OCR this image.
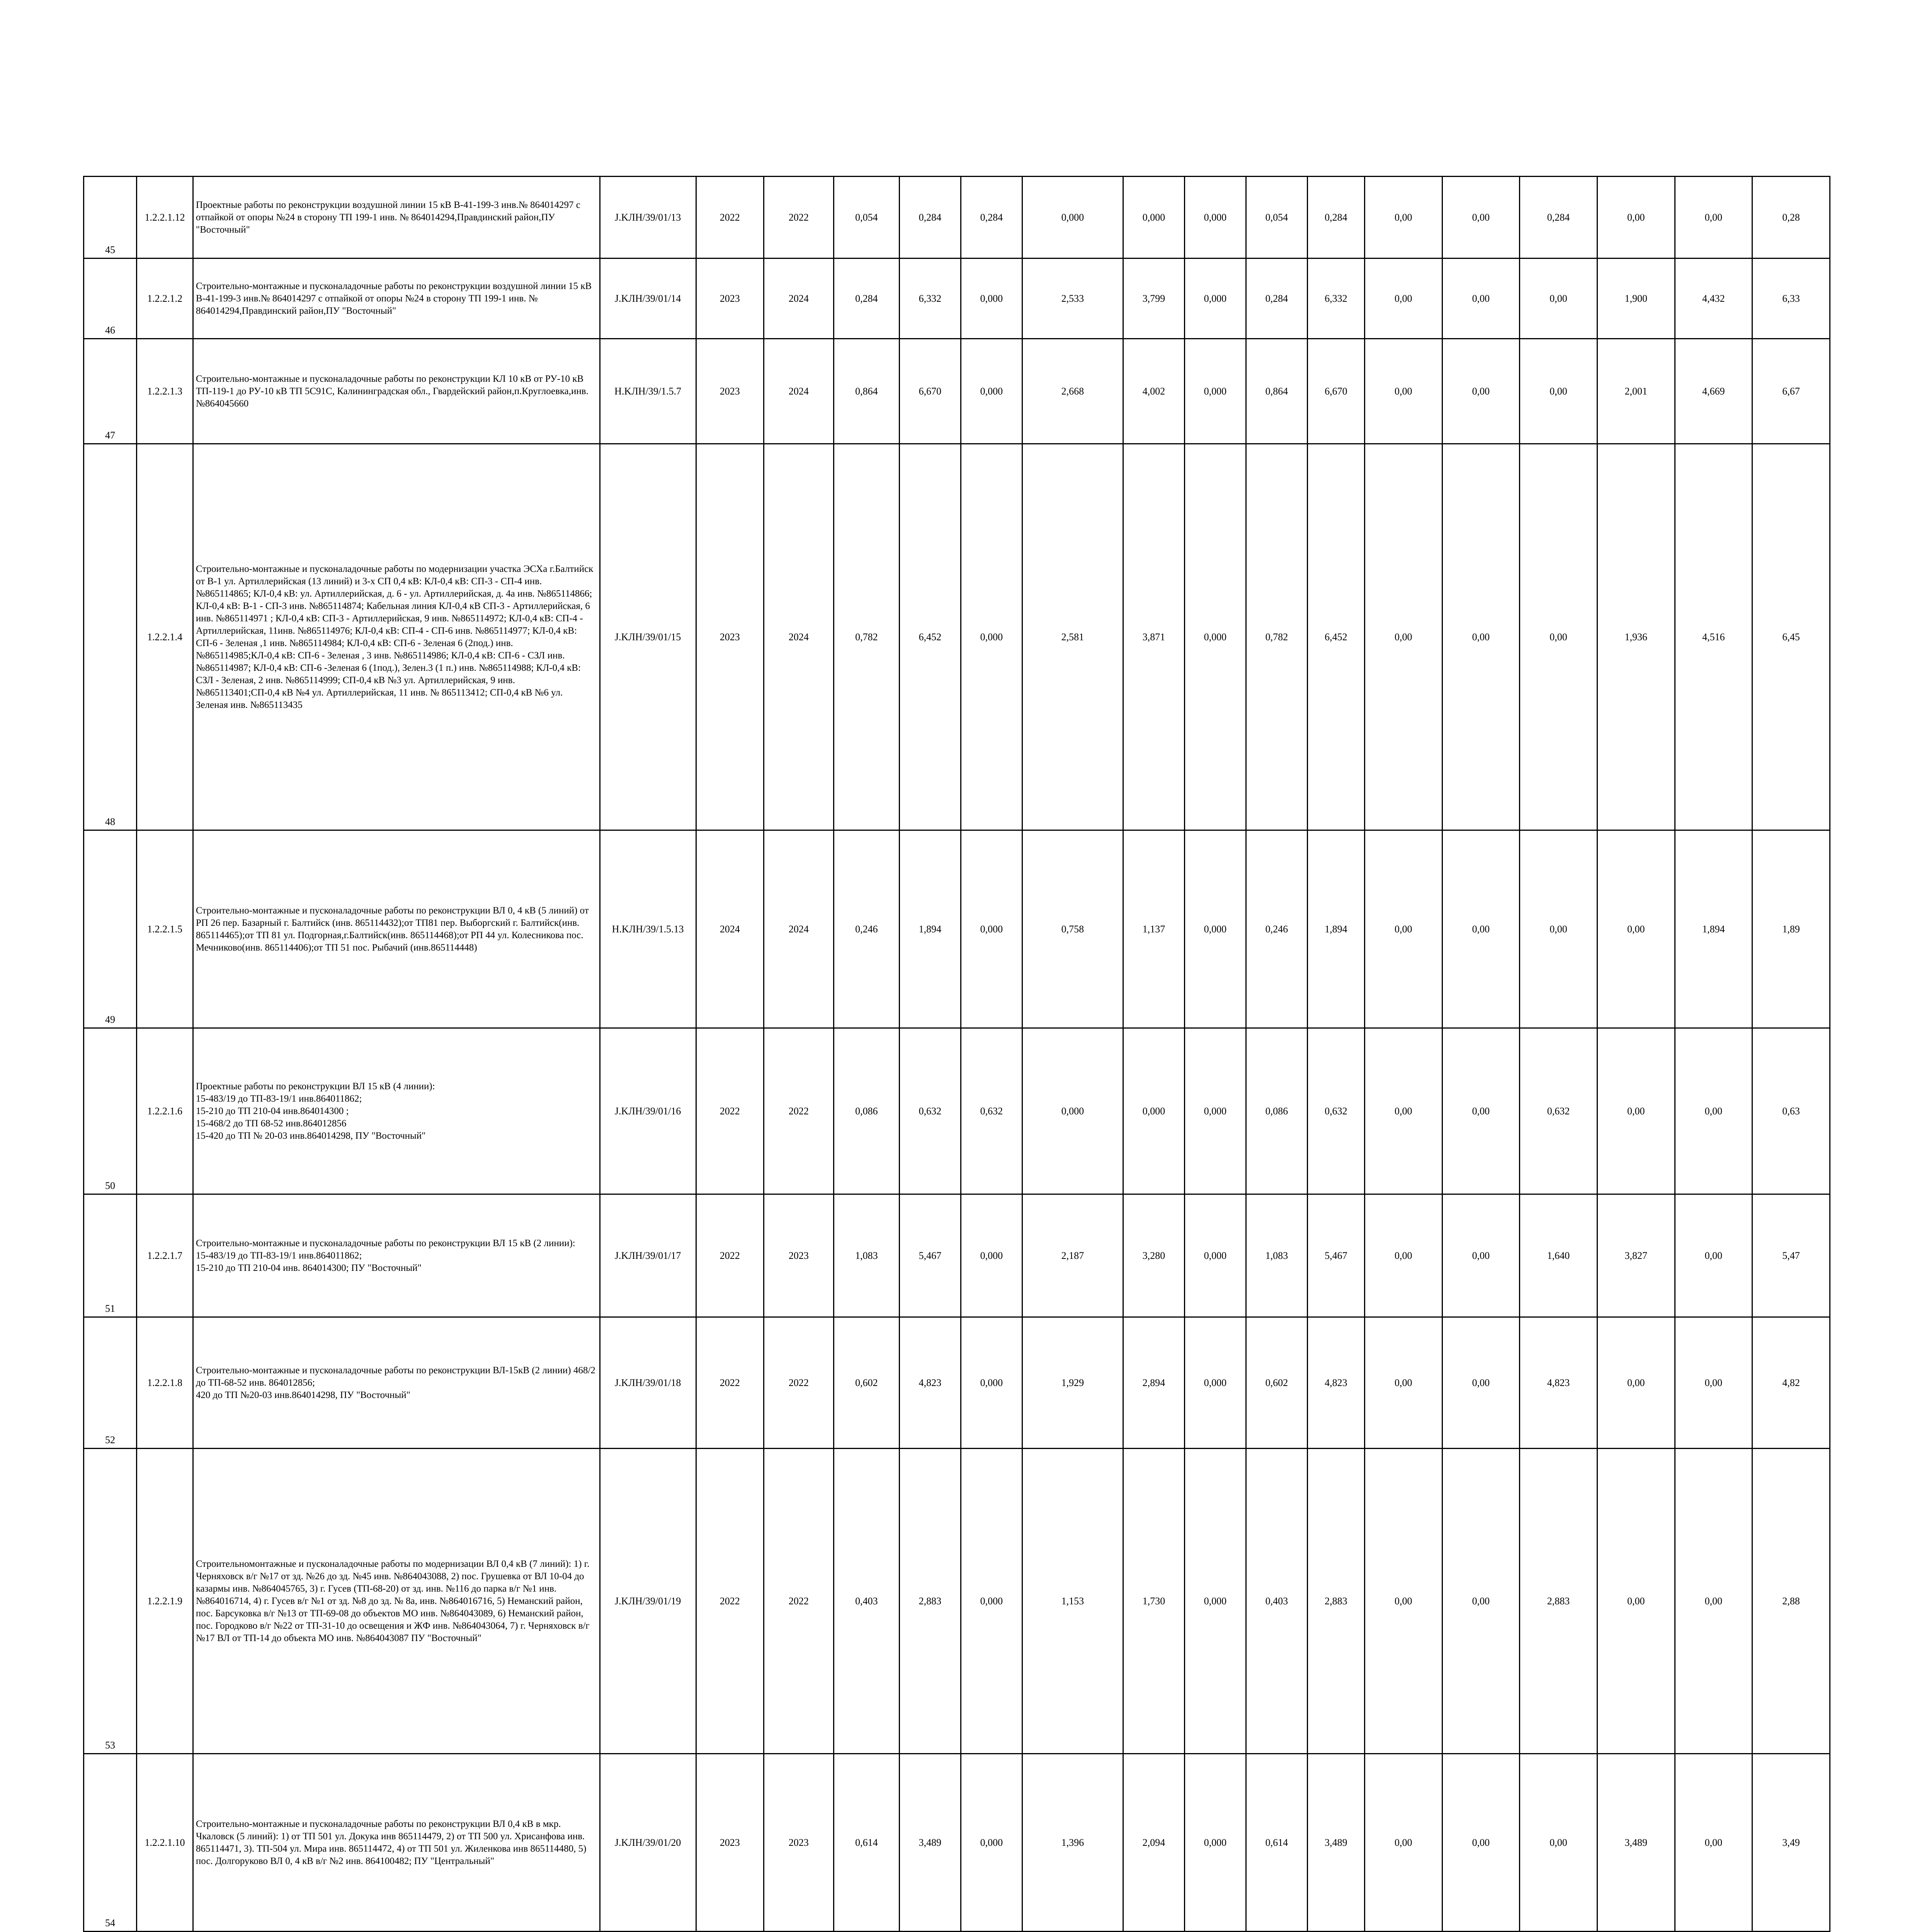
45	1.2.2.1.12	Проектные работы по реконструкции воздушной линии 15 кВ В-41-199-3 инв.№ 864014297 с отпайкой от опоры №24 в сторону ТП 199-1 инв. № 864014294,Правдинский район,ПУ "Восточный"	J.KЛН/39/01/13	2022	2022	0,054	0,284	0,284	0,000	0,000	0,000	0,054	0,284	0,00	0,00	0,284	0,00	0,00	0,28
46	1.2.2.1.2	Строительно-монтажные и пусконаладочные работы по реконструкции воздушной линии 15 кВ В-41-199-3 инв.№ 864014297 с отпайкой от опоры №24 в сторону ТП 199-1 инв. № 864014294,Правдинский район,ПУ "Восточный"	J.KЛН/39/01/14	2023	2024	0,284	6,332	0,000	2,533	3,799	0,000	0,284	6,332	0,00	0,00	0,00	1,900	4,432	6,33
47	1.2.2.1.3	Строительно-монтажные и пусконаладочные работы по реконструкции КЛ 10 кВ от РУ-10 кВ ТП-119-1 до РУ-10 кВ ТП 5С91С, Калининградская обл., Гвардейский район,п.Круглоевка,инв.№864045660	H.KЛН/39/1.5.7	2023	2024	0,864	6,670	0,000	2,668	4,002	0,000	0,864	6,670	0,00	0,00	0,00	2,001	4,669	6,67
48	1.2.2.1.4	Строительно-монтажные и пусконаладочные работы по модернизации участка ЭСХа г.Балтийск от В-1 ул. Артиллерийская (13 линий) и 3-х СП 0,4 кВ: КЛ-0,4 кВ: СП-3 - СП-4 инв. №865114865; КЛ-0,4 кВ: ул. Артиллерийская, д. 6 - ул. Артиллерийская, д. 4а инв. №865114866; КЛ-0,4 кВ: В-1 - СП-3 инв. №865114874; Кабельная линия КЛ-0,4 кВ СП-3 - Артиллерийская, 6 инв. №865114971 ; КЛ-0,4 кВ: СП-3 - Артиллерийская, 9 инв. №865114972; КЛ-0,4 кВ: СП-4 - Артиллерийская, 11инв. №865114976; КЛ-0,4 кВ: СП-4 - СП-6 инв. №865114977; КЛ-0,4 кВ: СП-6 - Зеленая ,1 инв. №865114984; КЛ-0,4 кВ: СП-6 - Зеленая 6 (2под.) инв. №865114985;КЛ-0,4 кВ: СП-6 - Зеленая , 3 инв. №865114986; КЛ-0,4 кВ: СП-6 - СЗЛ инв. №865114987; КЛ-0,4 кВ: СП-6 -Зеленая 6 (1под.), Зелен.3 (1 п.) инв. №865114988; КЛ-0,4 кВ: СЗЛ - Зеленая, 2 инв. №865114999; СП-0,4 кВ №3 ул. Артиллерийская, 9 инв. №865113401;СП-0,4 кВ №4 ул. Артиллерийская, 11 инв. № 865113412; СП-0,4 кВ №6 ул. Зеленая инв. №865113435	J.KЛН/39/01/15	2023	2024	0,782	6,452	0,000	2,581	3,871	0,000	0,782	6,452	0,00	0,00	0,00	1,936	4,516	6,45
49	1.2.2.1.5	Строительно-монтажные и пусконаладочные работы по реконструкции ВЛ 0, 4 кВ (5 линий) от РП 26 пер. Базарный г. Балтийск (инв. 865114432);от ТП81 пер. Выборгский г. Балтийск(инв. 865114465);от ТП 81 ул. Подгорная,г.Балтийск(инв. 865114468);от РП 44 ул. Колесникова пос. Мечниково(инв. 865114406);от ТП 51 пос. Рыбачий (инв.865114448)	H.KЛН/39/1.5.13	2024	2024	0,246	1,894	0,000	0,758	1,137	0,000	0,246	1,894	0,00	0,00	0,00	0,00	1,894	1,89
50	1.2.2.1.6	Проектные работы по реконструкции ВЛ 15 кВ (4 линии):
15-483/19 до ТП-83-19/1 инв.864011862;
15-210 до ТП 210-04 инв.864014300 ;
15-468/2 до ТП 68-52 инв.864012856
15-420 до ТП № 20-03 инв.864014298, ПУ "Восточный"	J.KЛН/39/01/16	2022	2022	0,086	0,632	0,632	0,000	0,000	0,000	0,086	0,632	0,00	0,00	0,632	0,00	0,00	0,63
51	1.2.2.1.7	Строительно-монтажные и пусконаладочные работы по реконструкции ВЛ 15 кВ (2 линии):
15-483/19 до ТП-83-19/1 инв.864011862;
15-210 до ТП 210-04 инв. 864014300; ПУ "Восточный"	J.KЛН/39/01/17	2022	2023	1,083	5,467	0,000	2,187	3,280	0,000	1,083	5,467	0,00	0,00	1,640	3,827	0,00	5,47
52	1.2.2.1.8	Строительно-монтажные и пусконаладочные работы по реконструкции ВЛ-15кВ (2 линии) 468/2 до ТП-68-52 инв. 864012856;
420 до ТП №20-03 инв.864014298, ПУ "Восточный"	J.KЛН/39/01/18	2022	2022	0,602	4,823	0,000	1,929	2,894	0,000	0,602	4,823	0,00	0,00	4,823	0,00	0,00	4,82
53	1.2.2.1.9	Строительномонтажные и пусконаладочные работы по модернизации ВЛ 0,4 кВ (7 линий): 1) г. Черняховск в/г №17 от зд. №26 до зд. №45 инв. №864043088, 2) пос. Грушевка от ВЛ 10-04 до казармы инв. №864045765, 3) г. Гусев (ТП-68-20) от зд. инв. №116 до парка в/г №1 инв. №864016714, 4) г. Гусев в/г №1 от зд. №8 до зд. № 8а, инв. №864016716, 5) Неманский район, пос. Барсуковка в/г №13 от ТП-69-08 до объектов МО инв. №864043089, 6) Неманский район, пос. Городково в/г №22 от ТП-31-10 до освещения и ЖФ инв. №864043064, 7) г. Черняховск в/г №17 ВЛ от ТП-14 до объекта МО инв. №864043087 ПУ "Восточный"	J.KЛН/39/01/19	2022	2022	0,403	2,883	0,000	1,153	1,730	0,000	0,403	2,883	0,00	0,00	2,883	0,00	0,00	2,88
54	1.2.2.1.10	Строительно-монтажные и пусконаладочные работы по реконструкции ВЛ 0,4 кВ в мкр. Чкаловск (5 линий): 1) от ТП 501 ул. Докука инв 865114479, 2) от ТП 500 ул. Хрисанфова инв. 865114471, 3). ТП-504 ул. Мира инв. 865114472, 4) от ТП 501 ул. Жиленкова инв 865114480, 5) пос. Долгоруково ВЛ 0, 4 кВ в/г №2 инв. 864100482; ПУ "Центральный"	J.KЛН/39/01/20	2023	2023	0,614	3,489	0,000	1,396	2,094	0,000	0,614	3,489	0,00	0,00	0,00	3,489	0,00	3,49
